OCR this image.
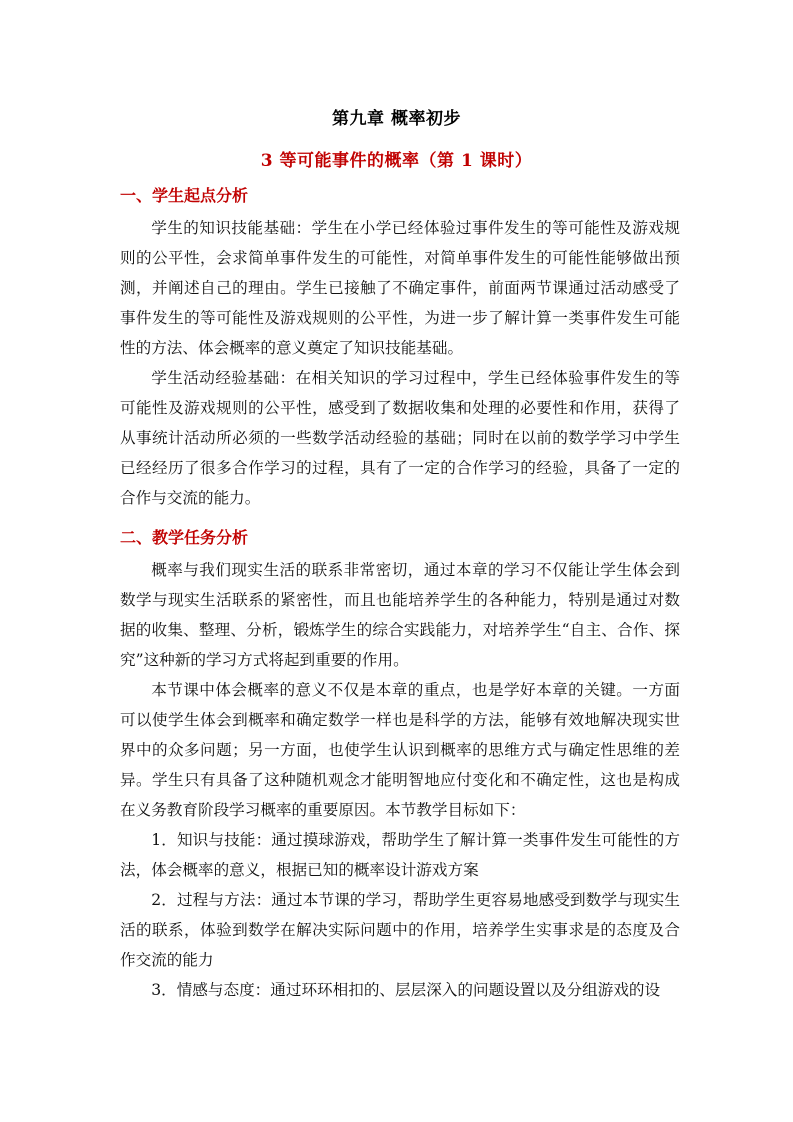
第九章 概率初步
3 等可能事件的概率（第 1 课时）
一、学生起点分析

学生的知识技能基础：学生在小学已经体验过事件发生的等可能性及游戏规则的公平性，会求简单事件发生的可能性，对简单事件发生的可能性能够做出预测，并阐述自己的理由。学生已接触了不确定事件，前面两节课通过活动感受了事件发生的等可能性及游戏规则的公平性，为进一步了解计算一类事件发生可能性的方法、体会概率的意义奠定了知识技能基础。

学生活动经验基础：在相关知识的学习过程中，学生已经体验事件发生的等可能性及游戏规则的公平性，感受到了数据收集和处理的必要性和作用，获得了从事统计活动所必须的一些数学活动经验的基础；同时在以前的数学学习中学生已经经历了很多合作学习的过程，具有了一定的合作学习的经验，具备了一定的合作与交流的能力。

二、教学任务分析

概率与我们现实生活的联系非常密切，通过本章的学习不仅能让学生体会到数学与现实生活联系的紧密性，而且也能培养学生的各种能力，特别是通过对数据的收集、整理、分析，锻炼学生的综合实践能力，对培养学生“自主、合作、探究”这种新的学习方式将起到重要的作用。

本节课中体会概率的意义不仅是本章的重点，也是学好本章的关键。一方面可以使学生体会到概率和确定数学一样也是科学的方法，能够有效地解决现实世界中的众多问题；另一方面，也使学生认识到概率的思维方式与确定性思维的差异。学生只有具备了这种随机观念才能明智地应付变化和不确定性，这也是构成在义务教育阶段学习概率的重要原因。本节教学目标如下：

1．知识与技能：通过摸球游戏，帮助学生了解计算一类事件发生可能性的方法，体会概率的意义，根据已知的概率设计游戏方案

2．过程与方法：通过本节课的学习，帮助学生更容易地感受到数学与现实生活的联系，体验到数学在解决实际问题中的作用，培养学生实事求是的态度及合作交流的能力

3．情感与态度：通过环环相扣的、层层深入的问题设置以及分组游戏的设
